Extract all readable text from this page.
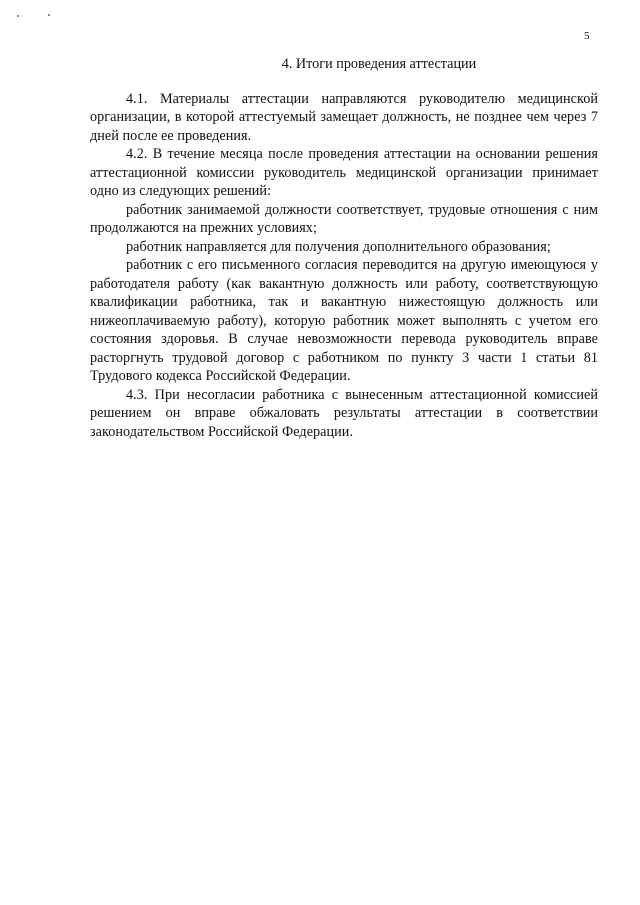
5
4. Итоги проведения аттестации

4.1. Материалы аттестации направляются руководителю медицинской организации, в которой аттестуемый замещает должность, не позднее чем через 7 дней после ее проведения.

4.2. В течение месяца после проведения аттестации на основании решения аттестационной комиссии руководитель медицинской организации принимает одно из следующих решений:

работник занимаемой должности соответствует, трудовые отношения с ним продолжаются на прежних условиях;

работник направляется для получения дополнительного образования;

работник с его письменного согласия переводится на другую имеющуюся у работодателя работу (как вакантную должность или работу, соответствующую квалификации работника, так и вакантную нижестоящую должность или нижеоплачиваемую работу), которую работник может выполнять с учетом его состояния здоровья. В случае невозможности перевода руководитель вправе расторгнуть трудовой договор с работником по пункту 3 части 1 статьи 81 Трудового кодекса Российской Федерации.

4.3. При несогласии работника с вынесенным аттестационной комиссией решением он вправе обжаловать результаты аттестации в соответствии законодательством Российской Федерации.
